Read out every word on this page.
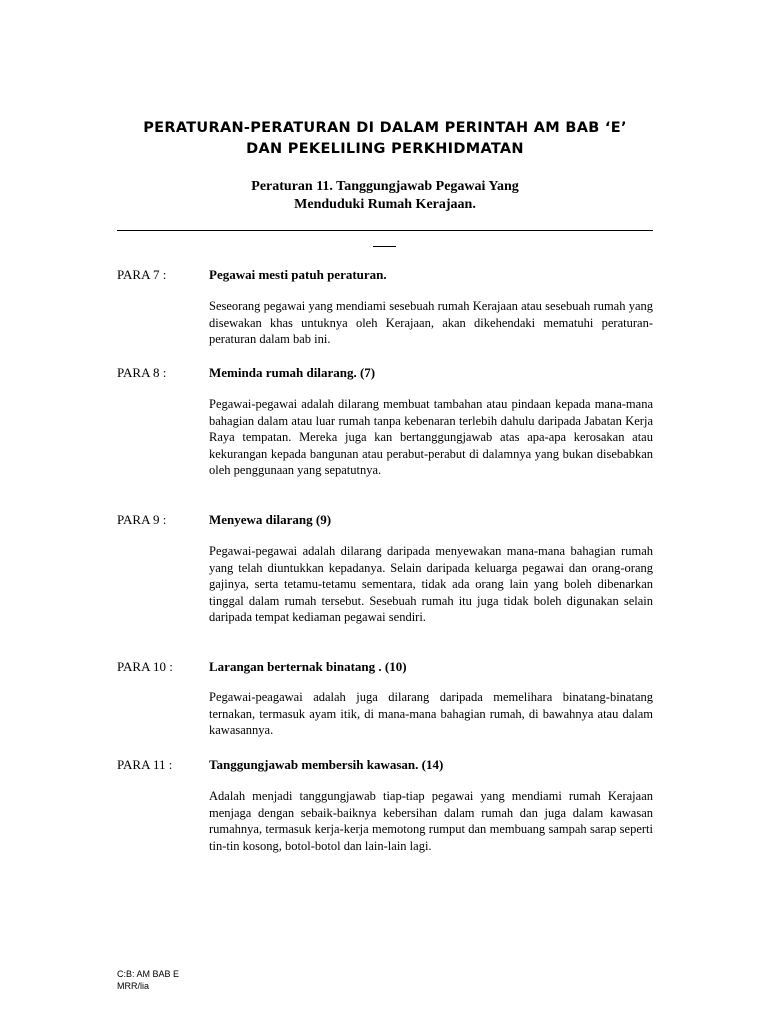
PERATURAN-PERATURAN DI DALAM PERINTAH AM BAB ‘E’
DAN PEKELILING PERKHIDMATAN
Peraturan 11. Tanggungjawab Pegawai Yang
Menduduki Rumah Kerajaan.
PARA 7 :	Pegawai mesti patuh peraturan.
Seseorang pegawai yang mendiami sesebuah rumah Kerajaan atau sesebuah rumah yang disewakan khas untuknya oleh Kerajaan, akan dikehendaki mematuhi peraturan-peraturan dalam bab ini.
PARA 8 :	Meminda rumah dilarang. (7)
Pegawai-pegawai adalah dilarang membuat tambahan atau pindaan kepada mana-mana bahagian dalam atau luar rumah tanpa kebenaran terlebih dahulu daripada Jabatan Kerja Raya tempatan. Mereka juga kan bertanggungjawab atas apa-apa kerosakan atau kekurangan kepada bangunan atau perabut-perabut di dalamnya yang bukan disebabkan oleh penggunaan yang sepatutnya.
PARA 9 :	Menyewa dilarang (9)
Pegawai-pegawai adalah dilarang daripada menyewakan mana-mana bahagian rumah yang telah diuntukkan kepadanya. Selain daripada keluarga pegawai dan orang-orang gajinya, serta tetamu-tetamu sementara, tidak ada orang lain yang boleh dibenarkan tinggal dalam rumah tersebut. Sesebuah rumah itu juga tidak boleh digunakan selain daripada tempat kediaman pegawai sendiri.
PARA 10 :	Larangan berternak binatang . (10)
Pegawai-peagawai adalah juga dilarang daripada memelihara binatang-binatang ternakan, termasuk ayam itik, di mana-mana bahagian rumah, di bawahnya atau dalam kawasannya.
PARA 11 :	Tanggungjawab membersih kawasan. (14)
Adalah menjadi tanggungjawab tiap-tiap pegawai yang mendiami rumah Kerajaan menjaga dengan sebaik-baiknya kebersihan dalam rumah dan juga dalam kawasan rumahnya, termasuk kerja-kerja memotong rumput dan membuang sampah sarap seperti tin-tin kosong, botol-botol dan lain-lain lagi.
C:B: AM BAB E
MRR/lia
